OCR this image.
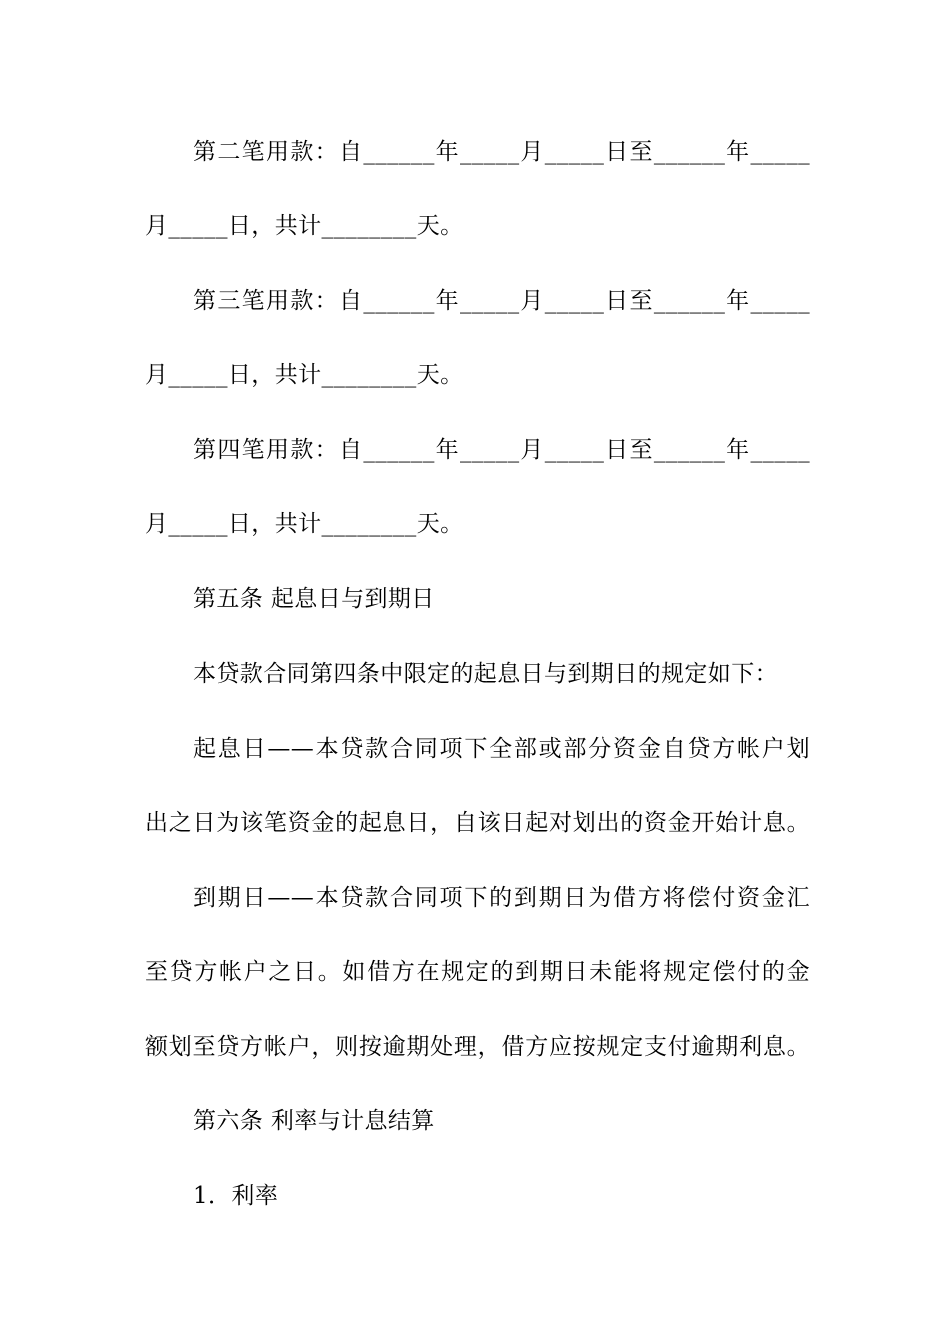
第二笔用款：自______年_____月_____日至______年_____
月_____日，共计________天。
第三笔用款：自______年_____月_____日至______年_____
月_____日，共计________天。
第四笔用款：自______年_____月_____日至______年_____
月_____日，共计________天。
第五条 起息日与到期日
本贷款合同第四条中限定的起息日与到期日的规定如下：
起息日——本贷款合同项下全部或部分资金自贷方帐户划
出之日为该笔资金的起息日，自该日起对划出的资金开始计息。
到期日——本贷款合同项下的到期日为借方将偿付资金汇
至贷方帐户之日。如借方在规定的到期日未能将规定偿付的金
额划至贷方帐户，则按逾期处理，借方应按规定支付逾期利息。
第六条 利率与计息结算
1．利率
